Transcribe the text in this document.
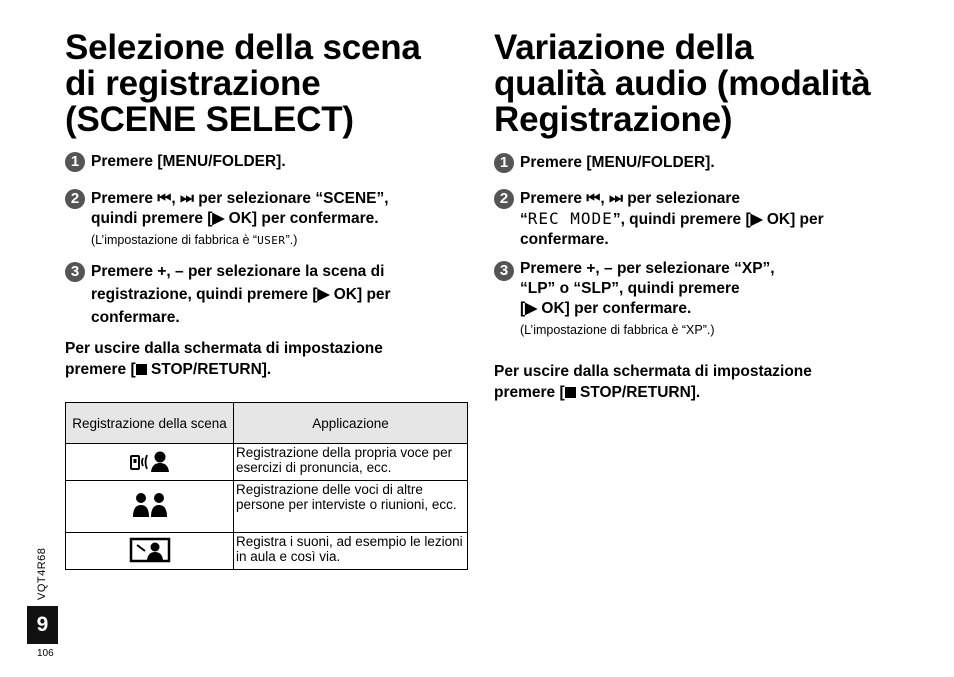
Selezione della scena
di registrazione
(SCENE SELECT)
1 Premere [MENU/FOLDER].
2 Premere ⏮, ⏭ per selezionare “SCENE”,
quindi premere [▶ OK] per confermare.
(L’impostazione di fabbrica è “USER”.)
3 Premere +, – per selezionare la scena di
registrazione, quindi premere [▶ OK] per
confermare.
Per uscire dalla schermata di impostazione
premere [ STOP/RETURN].
Registrazione della scena	Applicazione
	Registrazione della propria voce per esercizi di pronuncia, ecc.
	Registrazione delle voci di altre persone per interviste o riunioni, ecc.
	Registra i suoni, ad esempio le lezioni in aula e così via.
Variazione della
qualità audio (modalità
Registrazione)
1 Premere [MENU/FOLDER].
2 Premere ⏮, ⏭ per selezionare
“REC MODE”, quindi premere [▶ OK] per
confermare.
3 Premere +, – per selezionare “XP”,
“LP” o “SLP”, quindi premere
[▶ OK] per confermare.
(L’impostazione di fabbrica è “XP”.)
Per uscire dalla schermata di impostazione
premere [ STOP/RETURN].
VQT4R68
9
106
